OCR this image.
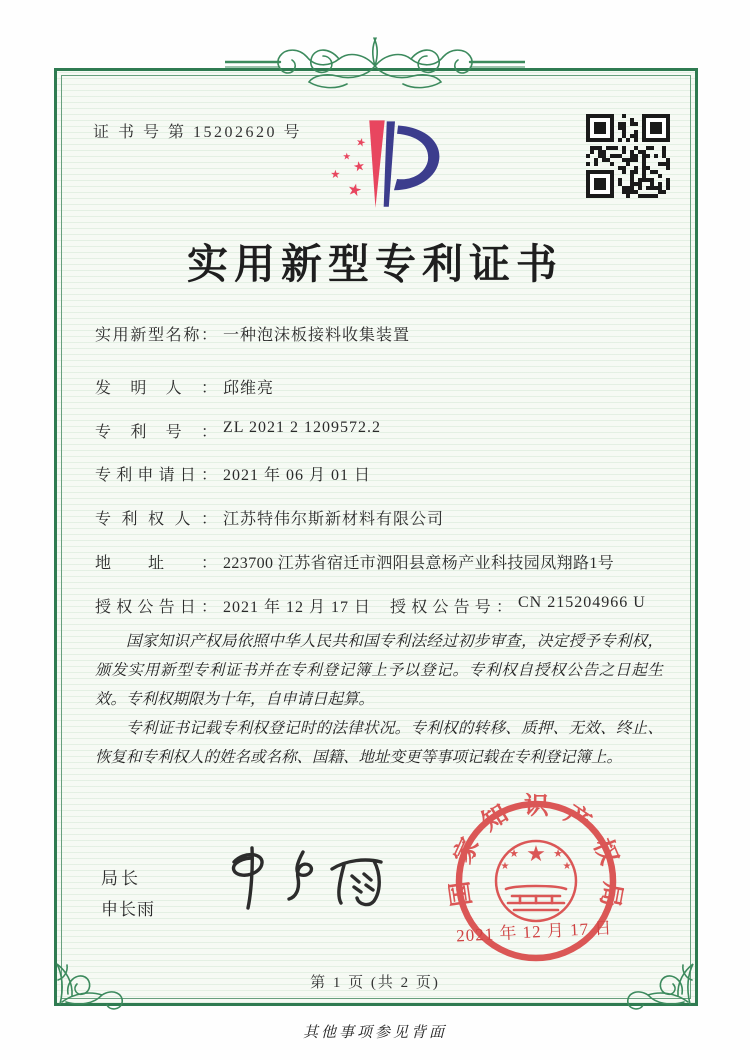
证 书 号 第 15202620 号
★
★
★
★
★
实用新型专利证书
实用新型名称： 一种泡沫板接料收集装置
发明人： 邱维亮
专利号： ZL 2021 2 1209572.2
专利申请日： 2021 年 06 月 01 日
专利权人： 江苏特伟尔斯新材料有限公司
地址： 223700 江苏省宿迁市泗阳县意杨产业科技园凤翔路1号
授权公告日： 2021 年 12 月 17 日 授权公告号： CN 215204966 U

国家知识产权局依照中华人民共和国专利法经过初步审查，决定授予专利权，颁发实用新型专利证书并在专利登记簿上予以登记。专利权自授权公告之日起生效。专利权期限为十年，自申请日起算。

专利证书记载专利权登记时的法律状况。专利权的转移、质押、无效、终止、恢复和专利权人的姓名或名称、国籍、地址变更等事项记载在专利登记簿上。

局长
申长雨
国家知识产权局
★
★	★
★	★
2021 年 12 月 17 日
第 1 页 (共 2 页)
其他事项参见背面
